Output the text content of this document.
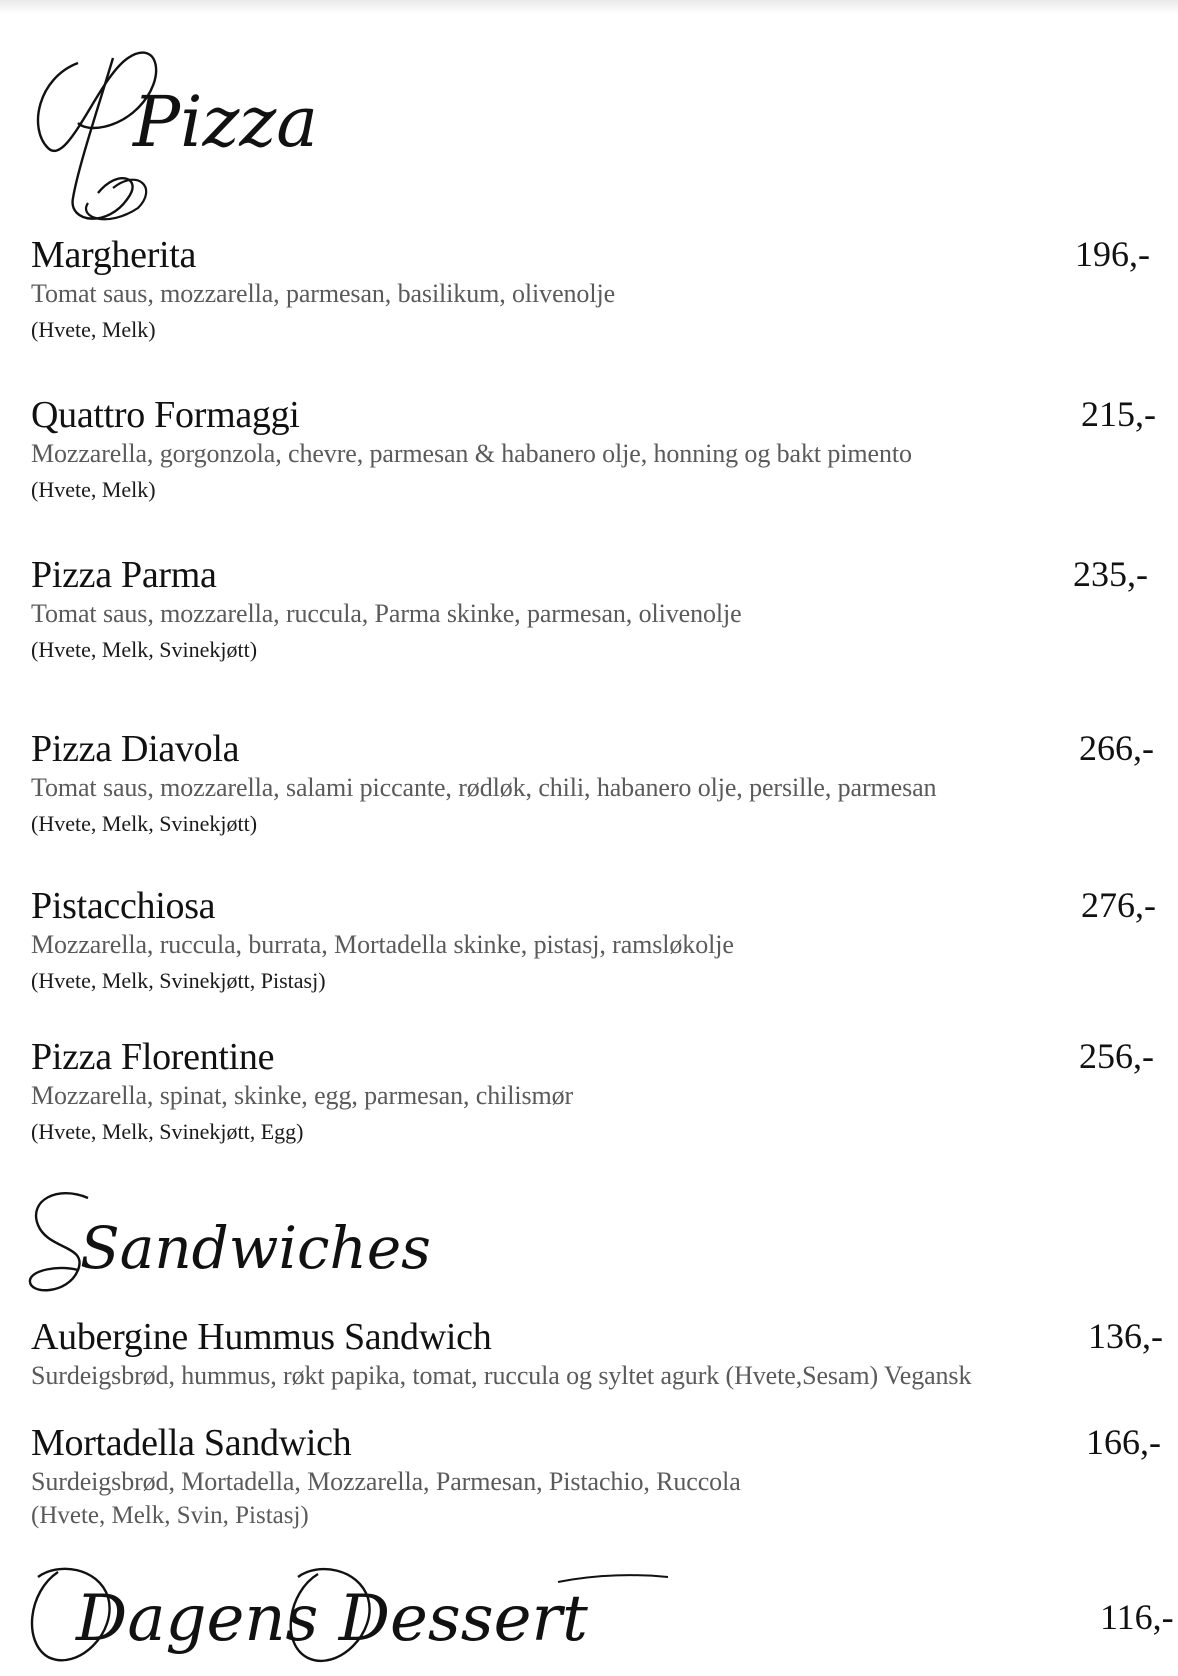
Pizza
Margherita	196,-
Tomat saus, mozzarella, parmesan, basilikum, olivenolje
(Hvete, Melk)
Quattro Formaggi	215,-
Mozzarella, gorgonzola, chevre, parmesan & habanero olje, honning og bakt pimento
(Hvete, Melk)
Pizza Parma	235,-
Tomat saus, mozzarella, ruccula, Parma skinke, parmesan, olivenolje
(Hvete, Melk, Svinekjøtt)
Pizza Diavola	266,-
Tomat saus, mozzarella, salami piccante, rødløk, chili, habanero olje, persille, parmesan
(Hvete, Melk, Svinekjøtt)
Pistacchiosa	276,-
Mozzarella, ruccula, burrata, Mortadella skinke, pistasj, ramsløkolje
(Hvete, Melk, Svinekjøtt, Pistasj)
Pizza Florentine	256,-
Mozzarella, spinat, skinke, egg, parmesan, chilismør
(Hvete, Melk, Svinekjøtt, Egg)
Sandwiches
Aubergine Hummus Sandwich	136,-
Surdeigsbrød, hummus, røkt papika, tomat, ruccula og syltet agurk (Hvete,Sesam) Vegansk
Mortadella Sandwich	166,-
Surdeigsbrød, Mortadella, Mozzarella, Parmesan, Pistachio, Ruccola
(Hvete, Melk, Svin, Pistasj)
Dagens Dessert	116,-
